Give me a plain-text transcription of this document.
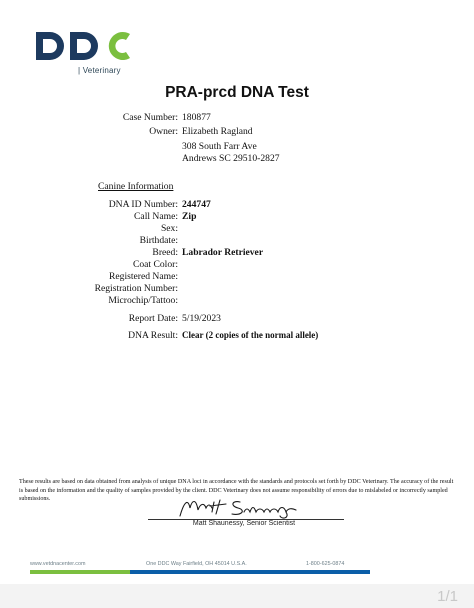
| Veterinary
PRA-prcd DNA Test
Case Number: 180877
Owner: Elizabeth Ragland
308 South Farr Ave
Andrews SC 29510-2827
Canine Information
DNA ID Number: 244747
Call Name: Zip
Sex:
Birthdate:
Breed: Labrador Retriever
Coat Color:
Registered Name:
Registration Number:
Microchip/Tattoo:
Report Date: 5/19/2023
DNA Result: Clear (2 copies of the normal allele)
These results are based on data obtained from analysis of unique DNA loci in accordance with the standards and protocols set forth by DDC Veterinary. The accuracy of the result is based on the information and the quality of samples provided by the client. DDC Veterinary does not assume responsibility of errors due to mislabeled or incorrectly sampled submissions.
Matt Shaunessy, Senior Scientist
www.vetdnacenter.com	One DDC Way Fairfield, OH 45014 U.S.A.	1-800-625-0874
1/1
